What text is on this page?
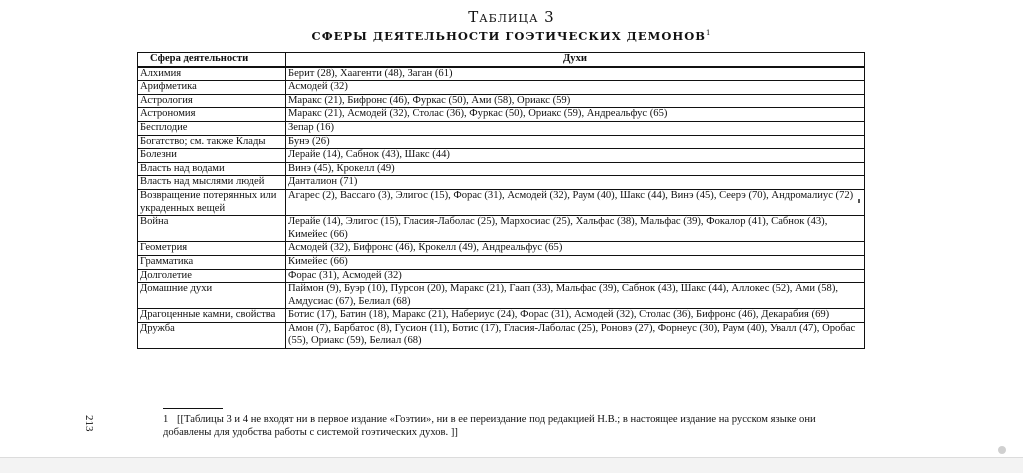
Таблица 3
СФЕРЫ ДЕЯТЕЛЬНОСТИ ГОЭТИЧЕСКИХ ДЕМОНОВ$^1$
Сфера деятельности	Духи
Алхимия	Берит (28), Хаагенти (48), Заган (61)
Арифметика	Асмодей (32)
Астрология	Маракс (21), Бифронс (46), Фуркас (50), Ами (58), Ориакс (59)
Астрономия	Маракс (21), Асмодей (32), Столас (36), Фуркас (50), Ориакс (59), Андреальфус (65)
Бесплодие	Зепар (16)
Богатство; см. также Клады	Бунэ (26)
Болезни	Лерайе (14), Сабнок (43), Шакс (44)
Власть над водами	Винэ (45), Крокелл (49)
Власть над мыслями людей	Данталион (71)
Возвращение потерянных или украденных вещей	Агарес (2), Вассаго (3), Элигос (15), Форас (31), Асмодей (32), Раум (40), Шакс (44), Винэ (45), Сеерэ (70), Андромалиус (72)
Война	Лерайе (14), Элигос (15), Гласия-Лаболас (25), Мархосиас (25), Хальфас (38), Мальфас (39), Фокалор (41), Сабнок (43), Кимейес (66)
Геометрия	Асмодей (32), Бифронс (46), Крокелл (49), Андреальфус (65)
Грамматика	Кимейес (66)
Долголетие	Форас (31), Асмодей (32)
Домашние духи	Паймон (9), Буэр (10), Пурсон (20), Маракс (21), Гаап (33), Мальфас (39), Сабнок (43), Шакс (44), Аллокес (52), Ами (58), Амдусиас (67), Белиал (68)
Драгоценные камни, свойства	Ботис (17), Батин (18), Маракс (21), Набериус (24), Форас (31), Асмодей (32), Столас (36), Бифронс (46), Декарабия (69)
Дружба	Амон (7), Барбатос (8), Гусион (11), Ботис (17), Гласия-Лаболас (25), Роновэ (27), Форнеус (30), Раум (40), Увалл (47), Оробас (55), Ориакс (59), Белиал (68)
1 [[Таблицы 3 и 4 не входят ни в первое издание «Гоэтии», ни в ее переиздание под редакцией Н.В.; в настоящее издание на русском языке они добавлены для удобства работы с системой гоэтических духов. ]]
213
